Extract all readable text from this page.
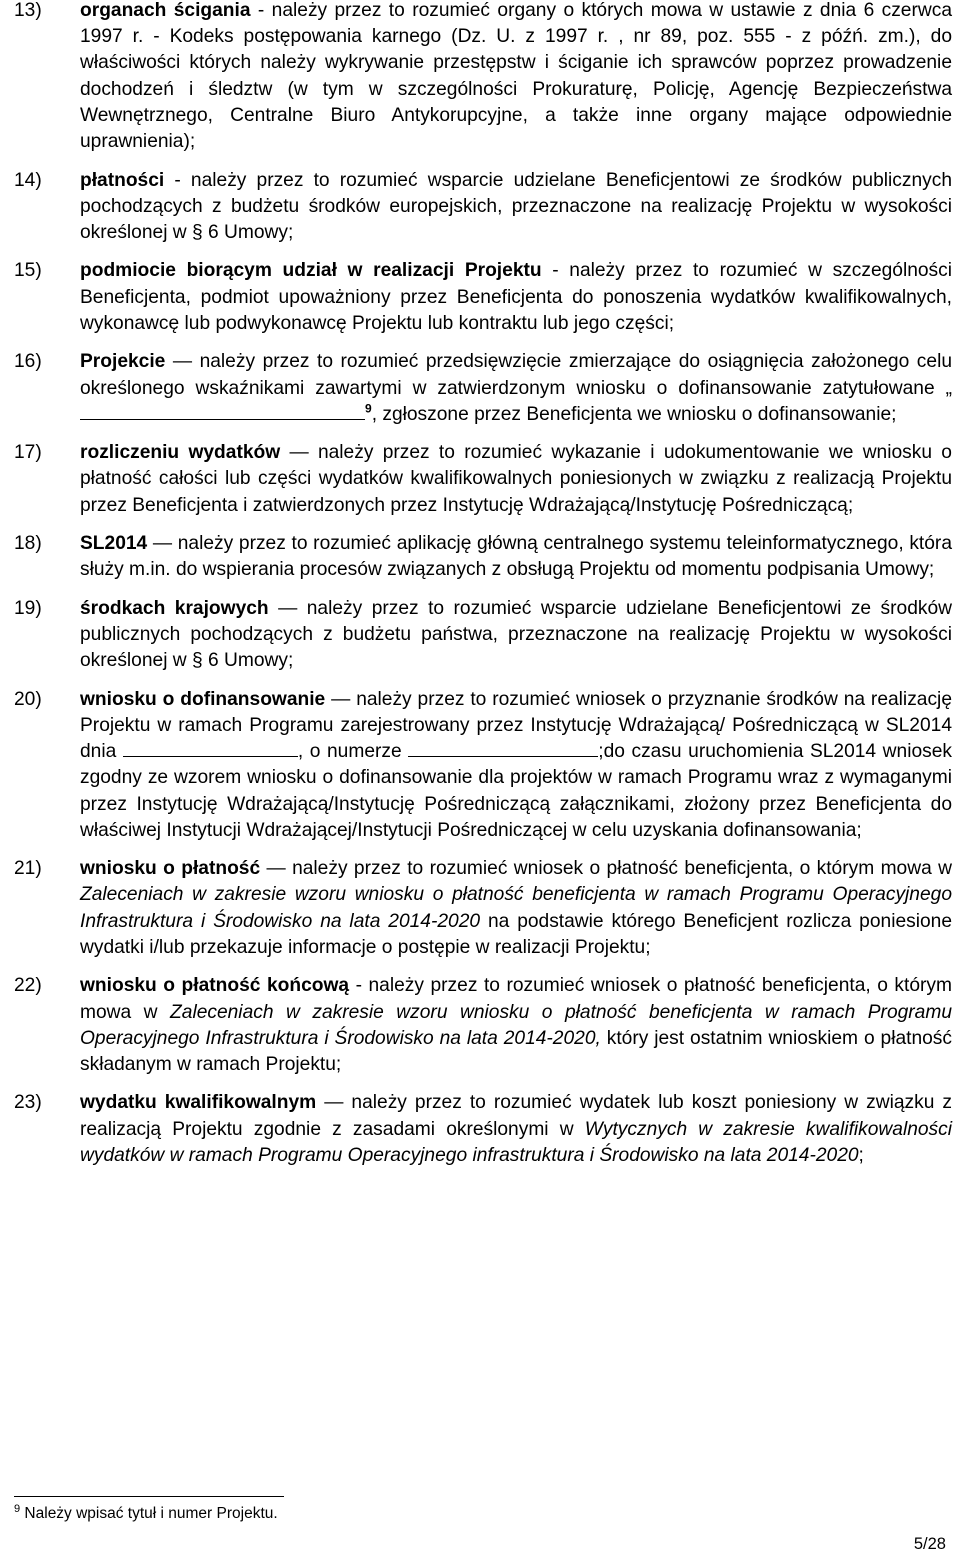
13)	organach ścigania - należy przez to rozumieć organy o których mowa w ustawie z dnia 6 czerwca 1997 r. - Kodeks postępowania karnego (Dz. U. z 1997 r. , nr 89, poz. 555 - z późń. zm.), do właściwości których należy wykrywanie przestępstw i ściganie ich sprawców poprzez prowadzenie dochodzeń i śledztw (w tym w szczególności Prokuraturę, Policję, Agencję Bezpieczeństwa Wewnętrznego, Centralne Biuro Antykorupcyjne, a także inne organy mające odpowiednie uprawnienia);
14)	płatności - należy przez to rozumieć wsparcie udzielane Beneficjentowi ze środków publicznych pochodzących z budżetu środków europejskich, przeznaczone na realizację Projektu w wysokości określonej w § 6 Umowy;
15)	podmiocie biorącym udział w realizacji Projektu - należy przez to rozumieć w szczególności Beneficjenta, podmiot upoważniony przez Beneficjenta do ponoszenia wydatków kwalifikowalnych, wykonawcę lub podwykonawcę Projektu lub kontraktu lub jego części;
16)	Projekcie — należy przez to rozumieć przedsięwzięcie zmierzające do osiągnięcia założonego celu określonego wskaźnikami zawartymi w zatwierdzonym wniosku o dofinansowanie zatytułowane „$^9$, zgłoszone przez Beneficjenta we wniosku o dofinansowanie;
17)	rozliczeniu wydatków — należy przez to rozumieć wykazanie i udokumentowanie we wniosku o płatność całości lub części wydatków kwalifikowalnych poniesionych w związku z realizacją Projektu przez Beneficjenta i zatwierdzonych przez Instytucję Wdrażającą/Instytucję Pośredniczącą;
18)	SL2014 — należy przez to rozumieć aplikację główną centralnego systemu teleinformatycznego, która służy m.in. do wspierania procesów związanych z obsługą Projektu od momentu podpisania Umowy;
19)	środkach krajowych — należy przez to rozumieć wsparcie udzielane Beneficjentowi ze środków publicznych pochodzących z budżetu państwa, przeznaczone na realizację Projektu w wysokości określonej w § 6 Umowy;
20)	wniosku o dofinansowanie — należy przez to rozumieć wniosek o przyznanie środków na realizację Projektu w ramach Programu zarejestrowany przez Instytucję Wdrażającą/ Pośredniczącą w SL2014 dnia	, o numerze	;do czasu uruchomienia SL2014 wniosek zgodny ze wzorem wniosku o dofinansowanie dla projektów w ramach Programu wraz z wymaganymi przez Instytucję Wdrażającą/Instytucję Pośredniczącą załącznikami, złożony przez Beneficjenta do właściwej Instytucji Wdrażającej/Instytucji Pośredniczącej w celu uzyskania dofinansowania;
21)	wniosku o płatność — należy przez to rozumieć wniosek o płatność beneficjenta, o którym mowa w Zaleceniach w zakresie wzoru wniosku o płatność beneficjenta w ramach Programu Operacyjnego Infrastruktura i Środowisko na lata 2014-2020 na podstawie którego Beneficjent rozlicza poniesione wydatki i/lub przekazuje informacje o postępie w realizacji Projektu;
22)	wniosku o płatność końcową - należy przez to rozumieć wniosek o płatność beneficjenta, o którym mowa w Zaleceniach w zakresie wzoru wniosku o płatność beneficjenta w ramach Programu Operacyjnego Infrastruktura i Środowisko na lata 2014-2020, który jest ostatnim wnioskiem o płatność składanym w ramach Projektu;
23)	wydatku kwalifikowalnym — należy przez to rozumieć wydatek lub koszt poniesiony w związku z realizacją Projektu zgodnie z zasadami określonymi w Wytycznych w zakresie kwalifikowalności wydatków w ramach Programu Operacyjnego infrastruktura i Środowisko na lata 2014-2020;
$^9$ Należy wpisać tytuł i numer Projektu.
5/28
